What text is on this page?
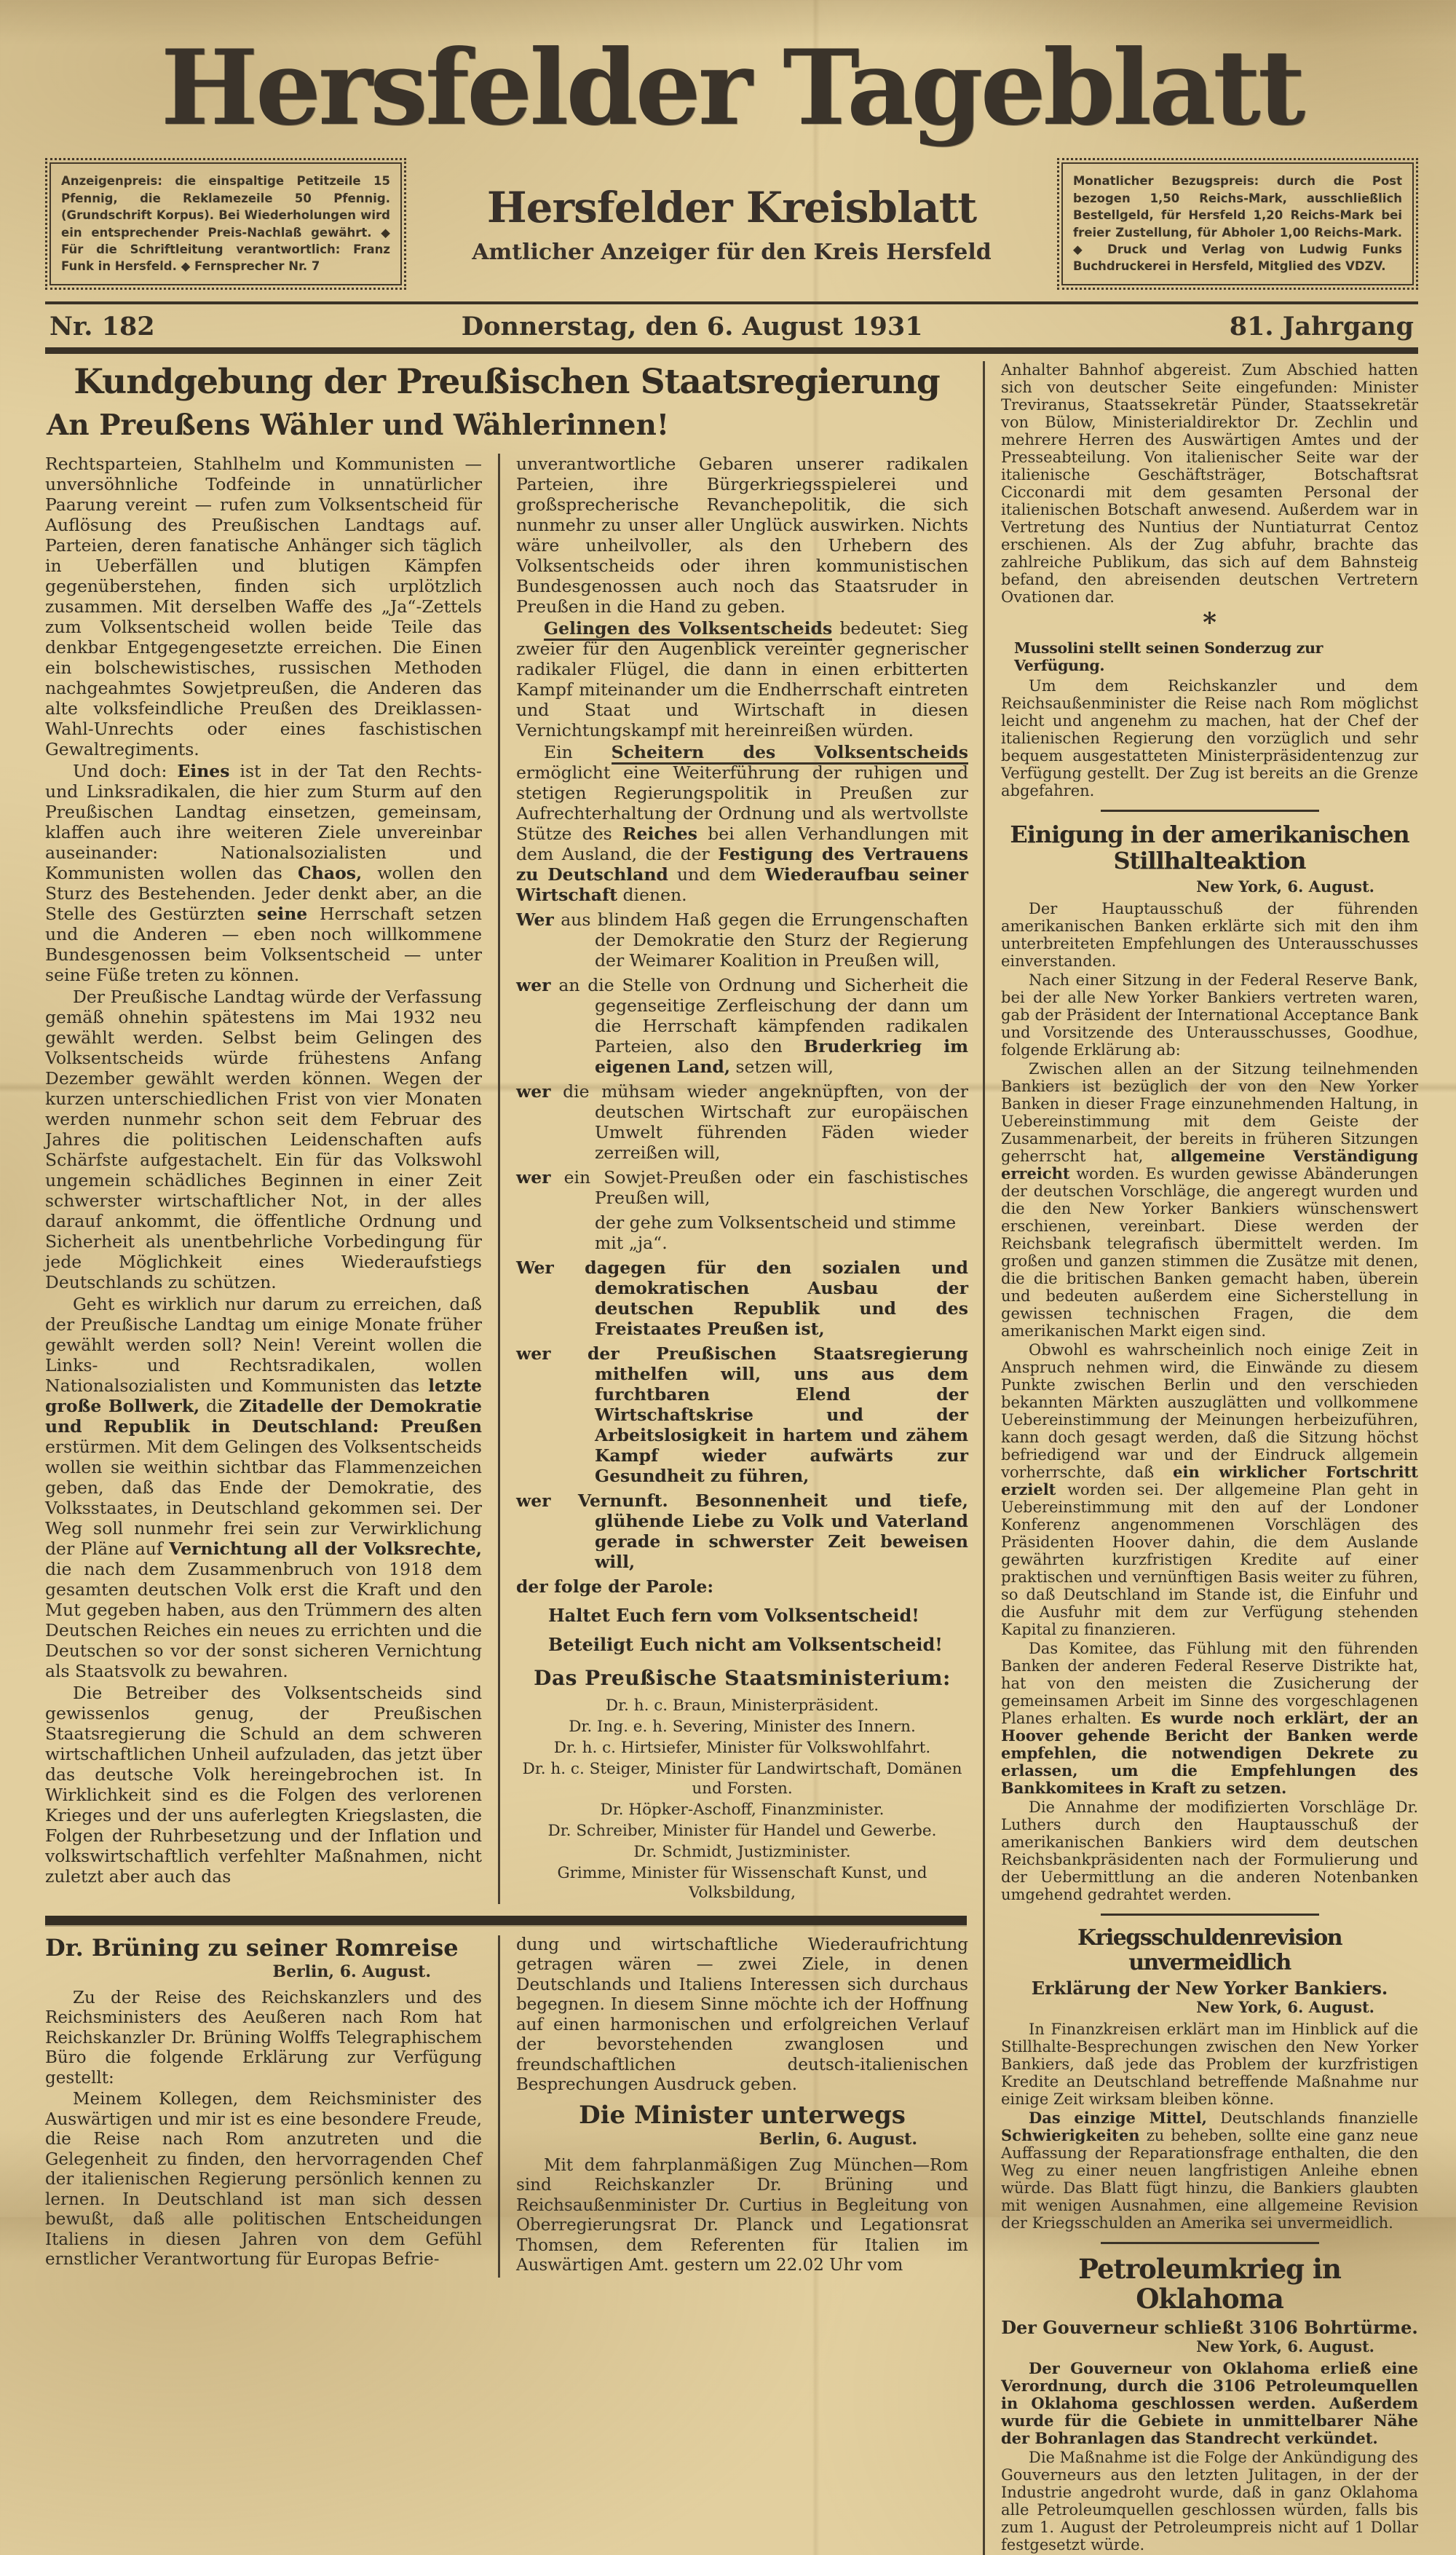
Hersfelder Tageblatt
Anzeigenpreis: die einspaltige Petitzeile 15 Pfennig, die Reklamezeile 50 Pfennig. (Grundschrift Korpus). Bei Wiederholungen wird ein entsprechender Preis-Nachlaß gewährt. ◆ Für die Schriftleitung verantwortlich: Franz Funk in Hersfeld. ◆ Fernsprecher Nr. 7
Hersfelder Kreisblatt
Amtlicher Anzeiger für den Kreis Hersfeld
Monatlicher Bezugspreis: durch die Post bezogen 1,50 Reichs-Mark, ausschließlich Bestellgeld, für Hersfeld 1,20 Reichs-Mark bei freier Zustellung, für Abholer 1,00 Reichs-Mark. ◆ Druck und Verlag von Ludwig Funks Buchdruckerei in Hersfeld, Mitglied des VDZV.
Nr. 182	Donnerstag, den 6. August 1931	81. Jahrgang
Kundgebung der Preußischen Staatsregierung
An Preußens Wähler und Wählerinnen!

Rechtsparteien, Stahlhelm und Kommunisten — unversöhnliche Todfeinde in unnatürlicher Paarung vereint — rufen zum Volksentscheid für Auflösung des Preußischen Landtags auf. Parteien, deren fanatische Anhänger sich täglich in Ueberfällen und blutigen Kämpfen gegenüberstehen, finden sich urplötzlich zusammen. Mit derselben Waffe des „Ja“-Zettels zum Volksentscheid wollen beide Teile das denkbar Entgegengesetzte erreichen. Die Einen ein bolschewistisches, russischen Methoden nachgeahmtes Sowjetpreußen, die Anderen das alte volksfeindliche Preußen des Dreiklassen-Wahl-Unrechts oder eines faschistischen Gewaltregiments.

Und doch: Eines ist in der Tat den Rechts- und Linksradikalen, die hier zum Sturm auf den Preußischen Landtag einsetzen, gemeinsam, klaffen auch ihre weiteren Ziele unvereinbar auseinander: Nationalsozialisten und Kommunisten wollen das Chaos, wollen den Sturz des Bestehenden. Jeder denkt aber, an die Stelle des Gestürzten seine Herrschaft setzen und die Anderen — eben noch willkommene Bundesgenossen beim Volksentscheid — unter seine Füße treten zu können.

Der Preußische Landtag würde der Verfassung gemäß ohnehin spätestens im Mai 1932 neu gewählt werden. Selbst beim Gelingen des Volksentscheids würde frühestens Anfang Dezember gewählt werden können. Wegen der kurzen unterschiedlichen Frist von vier Monaten werden nunmehr schon seit dem Februar des Jahres die politischen Leidenschaften aufs Schärfste aufgestachelt. Ein für das Volkswohl ungemein schädliches Beginnen in einer Zeit schwerster wirtschaftlicher Not, in der alles darauf ankommt, die öffentliche Ordnung und Sicherheit als unentbehrliche Vorbedingung für jede Möglichkeit eines Wiederaufstiegs Deutschlands zu schützen.

Geht es wirklich nur darum zu erreichen, daß der Preußische Landtag um einige Monate früher gewählt werden soll? Nein! Vereint wollen die Links- und Rechtsradikalen, wollen Nationalsozialisten und Kommunisten das letzte große Bollwerk, die Zitadelle der Demokratie und Republik in Deutschland: Preußen erstürmen. Mit dem Gelingen des Volksentscheids wollen sie weithin sichtbar das Flammenzeichen geben, daß das Ende der Demokratie, des Volksstaates, in Deutschland gekommen sei. Der Weg soll nunmehr frei sein zur Verwirklichung der Pläne auf Vernichtung all der Volksrechte, die nach dem Zusammenbruch von 1918 dem gesamten deutschen Volk erst die Kraft und den Mut gegeben haben, aus den Trümmern des alten Deutschen Reiches ein neues zu errichten und die Deutschen so vor der sonst sicheren Vernichtung als Staatsvolk zu bewahren.

Die Betreiber des Volksentscheids sind gewissenlos genug, der Preußischen Staatsregierung die Schuld an dem schweren wirtschaftlichen Unheil aufzuladen, das jetzt über das deutsche Volk hereingebrochen ist. In Wirklichkeit sind es die Folgen des verlorenen Krieges und der uns auferlegten Kriegslasten, die Folgen der Ruhrbesetzung und der Inflation und volkswirtschaftlich verfehlter Maßnahmen, nicht zuletzt aber auch das

unverantwortliche Gebaren unserer radikalen Parteien, ihre Bürgerkriegsspielerei und großsprecherische Revanchepolitik, die sich nunmehr zu unser aller Unglück auswirken. Nichts wäre unheilvoller, als den Urhebern des Volksentscheids oder ihren kommunistischen Bundesgenossen auch noch das Staatsruder in Preußen in die Hand zu geben.

Gelingen des Volksentscheids bedeutet: Sieg zweier für den Augenblick vereinter gegnerischer radikaler Flügel, die dann in einen erbitterten Kampf miteinander um die Endherrschaft eintreten und Staat und Wirtschaft in diesen Vernichtungskampf mit hereinreißen würden.

Ein Scheitern des Volksentscheids ermöglicht eine Weiterführung der ruhigen und stetigen Regierungspolitik in Preußen zur Aufrechterhaltung der Ordnung und als wertvollste Stütze des Reiches bei allen Verhandlungen mit dem Ausland, die der Festigung des Vertrauens zu Deutschland und dem Wiederaufbau seiner Wirtschaft dienen.

Wer aus blindem Haß gegen die Errungenschaften der Demokratie den Sturz der Regierung der Weimarer Koalition in Preußen will,
wer an die Stelle von Ordnung und Sicherheit die gegenseitige Zerfleischung der dann um die Herrschaft kämpfenden radikalen Parteien, also den Bruderkrieg im eigenen Land, setzen will,
wer die mühsam wieder angeknüpften, von der deutschen Wirtschaft zur europäischen Umwelt führenden Fäden wieder zerreißen will,
wer ein Sowjet-Preußen oder ein faschistisches Preußen will,
der gehe zum Volksentscheid und stimme mit „ja“.
Wer dagegen für den sozialen und demokratischen Ausbau der deutschen Republik und des Freistaates Preußen ist,
wer der Preußischen Staatsregierung mithelfen will, uns aus dem furchtbaren Elend der Wirtschaftskrise und der Arbeitslosigkeit in hartem und zähem Kampf wieder aufwärts zur Gesundheit zu führen,
wer Vernunft. Besonnenheit und tiefe, glühende Liebe zu Volk und Vaterland gerade in schwerster Zeit beweisen will,
der folge der Parole:
Haltet Euch fern vom Volksentscheid!
Beteiligt Euch nicht am Volksentscheid!
Das Preußische Staatsministerium:
Dr. h. c. Braun, Ministerpräsident.
Dr. Ing. e. h. Severing, Minister des Innern.
Dr. h. c. Hirtsiefer, Minister für Volkswohlfahrt.
Dr. h. c. Steiger, Minister für Landwirtschaft, Domänen und Forsten.
Dr. Höpker-Aschoff, Finanzminister.
Dr. Schreiber, Minister für Handel und Gewerbe.
Dr. Schmidt, Justizminister.
Grimme, Minister für Wissenschaft Kunst, und Volksbildung,
Dr. Brüning zu seiner Romreise
Berlin, 6. August.

Zu der Reise des Reichskanzlers und des Reichsministers des Aeußeren nach Rom hat Reichskanzler Dr. Brüning Wolffs Telegraphischem Büro die folgende Erklärung zur Verfügung gestellt:

Meinem Kollegen, dem Reichsminister des Auswärtigen und mir ist es eine besondere Freude, die Reise nach Rom anzutreten und die Gelegenheit zu finden, den hervorragenden Chef der italienischen Regierung persönlich kennen zu lernen. In Deutschland ist man sich dessen bewußt, daß alle politischen Entscheidungen Italiens in diesen Jahren von dem Gefühl ernstlicher Verantwortung für Europas Befrie-

dung und wirtschaftliche Wiederaufrichtung getragen wären — zwei Ziele, in denen Deutschlands und Italiens Interessen sich durchaus begegnen. In diesem Sinne möchte ich der Hoffnung auf einen harmonischen und erfolgreichen Verlauf der bevorstehenden zwanglosen und freundschaftlichen deutsch-italienischen Besprechungen Ausdruck geben.

Die Minister unterwegs
Berlin, 6. August.

Mit dem fahrplanmäßigen Zug München—Rom sind Reichskanzler Dr. Brüning und Reichsaußenminister Dr. Curtius in Begleitung von Oberregierungsrat Dr. Planck und Legationsrat Thomsen, dem Referenten für Italien im Auswärtigen Amt. gestern um 22.02 Uhr vom

Anhalter Bahnhof abgereist. Zum Abschied hatten sich von deutscher Seite eingefunden: Minister Treviranus, Staatssekretär Pünder, Staatssekretär von Bülow, Ministerialdirektor Dr. Zechlin und mehrere Herren des Auswärtigen Amtes und der Presseabteilung. Von italienischer Seite war der italienische Geschäftsträger, Botschaftsrat Cicconardi mit dem gesamten Personal der italienischen Botschaft anwesend. Außerdem war in Vertretung des Nuntius der Nuntiaturrat Centoz erschienen. Als der Zug abfuhr, brachte das zahlreiche Publikum, das sich auf dem Bahnsteig befand, den abreisenden deutschen Vertretern Ovationen dar.

*
Mussolini stellt seinen Sonderzug zur Verfügung.

Um dem Reichskanzler und dem Reichsaußenminister die Reise nach Rom möglichst leicht und angenehm zu machen, hat der Chef der italienischen Regierung den vorzüglich und sehr bequem ausgestatteten Ministerpräsidentenzug zur Verfügung gestellt. Der Zug ist bereits an die Grenze abgefahren.

Einigung in der amerikanischen Stillhalteaktion
New York, 6. August.

Der Hauptausschuß der führenden amerikanischen Banken erklärte sich mit den ihm unterbreiteten Empfehlungen des Unterausschusses einverstanden.

Nach einer Sitzung in der Federal Reserve Bank, bei der alle New Yorker Bankiers vertreten waren, gab der Präsident der International Acceptance Bank und Vorsitzende des Unterausschusses, Goodhue, folgende Erklärung ab:

Zwischen allen an der Sitzung teilnehmenden Bankiers ist bezüglich der von den New Yorker Banken in dieser Frage einzunehmenden Haltung, in Uebereinstimmung mit dem Geiste der Zusammenarbeit, der bereits in früheren Sitzungen geherrscht hat, allgemeine Verständigung erreicht worden. Es wurden gewisse Abänderungen der deutschen Vorschläge, die angeregt wurden und die den New Yorker Bankiers wünschenswert erschienen, vereinbart. Diese werden der Reichsbank telegrafisch übermittelt werden. Im großen und ganzen stimmen die Zusätze mit denen, die die britischen Banken gemacht haben, überein und bedeuten außerdem eine Sicherstellung in gewissen technischen Fragen, die dem amerikanischen Markt eigen sind.

Obwohl es wahrscheinlich noch einige Zeit in Anspruch nehmen wird, die Einwände zu diesem Punkte zwischen Berlin und den verschieden bekannten Märkten auszuglätten und vollkommene Uebereinstimmung der Meinungen herbeizuführen, kann doch gesagt werden, daß die Sitzung höchst befriedigend war und der Eindruck allgemein vorherrschte, daß ein wirklicher Fortschritt erzielt worden sei. Der allgemeine Plan geht in Uebereinstimmung mit den auf der Londoner Konferenz angenommenen Vorschlägen des Präsidenten Hoover dahin, die dem Auslande gewährten kurzfristigen Kredite auf einer praktischen und vernünftigen Basis weiter zu führen, so daß Deutschland im Stande ist, die Einfuhr und die Ausfuhr mit dem zur Verfügung stehenden Kapital zu finanzieren.

Das Komitee, das Fühlung mit den führenden Banken der anderen Federal Reserve Distrikte hat, hat von den meisten die Zusicherung der gemeinsamen Arbeit im Sinne des vorgeschlagenen Planes erhalten. Es wurde noch erklärt, der an Hoover gehende Bericht der Banken werde empfehlen, die notwendigen Dekrete zu erlassen, um die Empfehlungen des Bankkomitees in Kraft zu setzen.

Die Annahme der modifizierten Vorschläge Dr. Luthers durch den Hauptausschuß der amerikanischen Bankiers wird dem deutschen Reichsbankpräsidenten nach der Formulierung und der Uebermittlung an die anderen Notenbanken umgehend gedrahtet werden.

Kriegsschuldenrevision unvermeidlich
Erklärung der New Yorker Bankiers.
New York, 6. August.

In Finanzkreisen erklärt man im Hinblick auf die Stillhalte-Besprechungen zwischen den New Yorker Bankiers, daß jede das Problem der kurzfristigen Kredite an Deutschland betreffende Maßnahme nur einige Zeit wirksam bleiben könne.

Das einzige Mittel, Deutschlands finanzielle Schwierigkeiten zu beheben, sollte eine ganz neue Auffassung der Reparationsfrage enthalten, die den Weg zu einer neuen langfristigen Anleihe ebnen würde. Das Blatt fügt hinzu, die Bankiers glaubten mit wenigen Ausnahmen, eine allgemeine Revision der Kriegsschulden an Amerika sei unvermeidlich.

Petroleumkrieg in Oklahoma
Der Gouverneur schließt 3106 Bohrtürme.
New York, 6. August.

Der Gouverneur von Oklahoma erließ eine Verordnung, durch die 3106 Petroleumquellen in Oklahoma geschlossen werden. Außerdem wurde für die Gebiete in unmittelbarer Nähe der Bohranlagen das Standrecht verkündet.

Die Maßnahme ist die Folge der Ankündigung des Gouverneurs aus den letzten Julitagen, in der der Industrie angedroht wurde, daß in ganz Oklahoma alle Petroleumquellen geschlossen würden, falls bis zum 1. August der Petroleumpreis nicht auf 1 Dollar festgesetzt würde.
